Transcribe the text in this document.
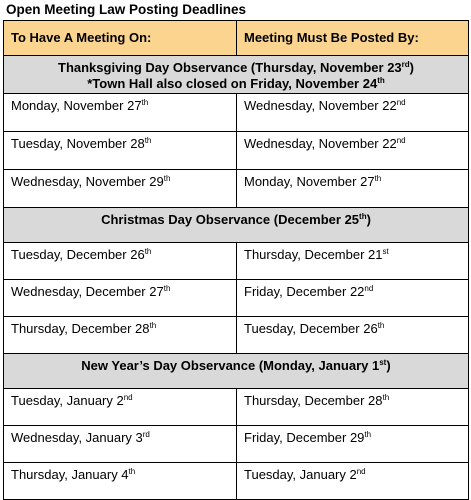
Open Meeting Law Posting Deadlines
To Have A Meeting On:	Meeting Must Be Posted By:

Thanksgiving Day Observance (Thursday, November 23rd)
*Town Hall also closed on Friday, November 24th

Monday, November 27th	Wednesday, November 22nd
Tuesday, November 28th	Wednesday, November 22nd
Wednesday, November 29th	Monday, November 27th

Christmas Day Observance (December 25th)	

Tuesday, December 26th	Thursday, December 21st
Wednesday, December 27th	Friday, December 22nd
Thursday, December 28th	Tuesday, December 26th

New Year’s Day Observance (Monday, January 1st)	

Tuesday, January 2nd	Thursday, December 28th
Wednesday, January 3rd	Friday, December 29th
Thursday, January 4th	Tuesday, January 2nd
